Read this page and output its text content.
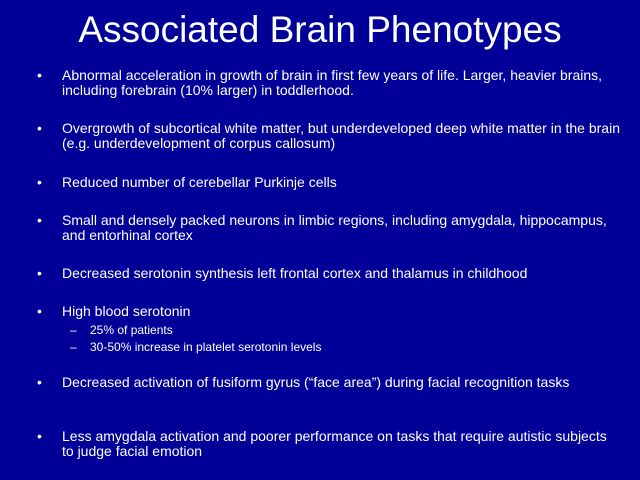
Associated Brain Phenotypes
• Abnormal acceleration in growth of brain in first few years of life. Larger, heavier brains, including forebrain (10% larger) in toddlerhood.
• Overgrowth of subcortical white matter, but underdeveloped deep white matter in the brain (e.g. underdevelopment of corpus callosum)
• Reduced number of cerebellar Purkinje cells
• Small and densely packed neurons in limbic regions, including amygdala, hippocampus, and entorhinal cortex
• Decreased serotonin synthesis left frontal cortex and thalamus in childhood
• High blood serotonin
– 25% of patients
– 30-50% increase in platelet serotonin levels
• Decreased activation of fusiform gyrus (“face area”) during facial recognition tasks
• Less amygdala activation and poorer performance on tasks that require autistic subjects to judge facial emotion
